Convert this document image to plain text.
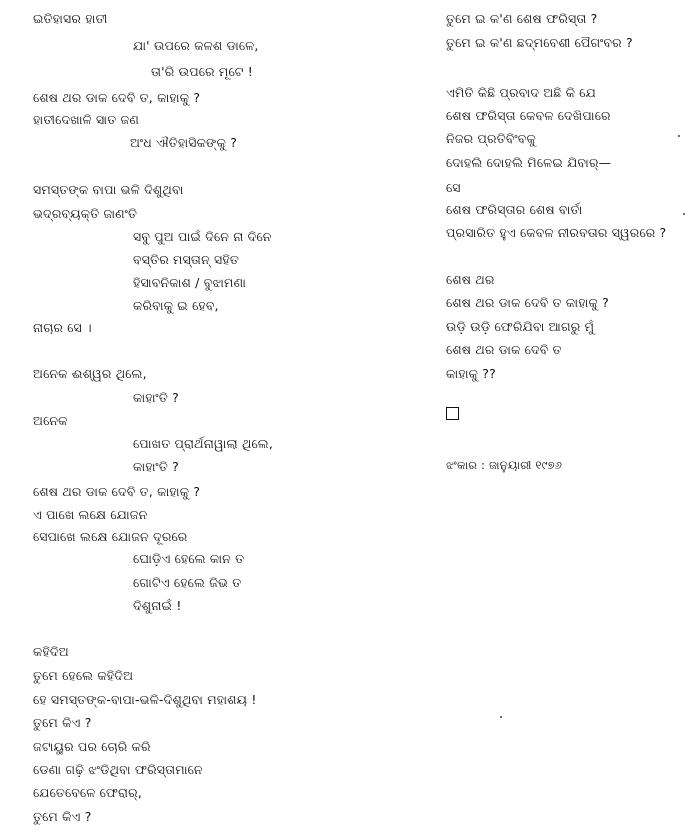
ଇତିହାସର ହାତୀ
ଯା' ଉପରେ କଳଶ ଡାଳେ,
ତା'ରି ଉପରେ ମୂଟେ !
ଶେଷ ଥର ଡାକ ଦେବି ତ, କାହାକୁ ?
ହାତୀଦେଖାଳି ସାତ ଜଣ
ଅଂଧ ଐତିହାସିକଙ୍କୁ ?
ସମସ୍ତଙ୍କ ବାପା ଭଳି ଦିଶୁଥିବା
ଭଦ୍ରବ୍ୟକ୍ତି ଜାଣଂତି
ସବୁ ପୁଅ ପାଇଁ ଦିନେ ନା ଦିନେ
ବସ୍ତିର ମସ୍ତାନ୍ ସହିତ
ହିସାବନିକାଶ / ବୁଝାମଣା
କରିବାକୁ ଇ ହେବ,
ନାଚାର ସେ ।
ଅନେକ ଈଶ୍ୱର ଥିଲେ,
କାହାଂତି ?
ଅନେକ
ପୋଖତ ପ୍ରାର୍ଥନାୱାଲା ଥିଲେ,
କାହାଂତି ?
ଶେଷ ଥର ଡାକ ଦେବି ତ, କାହାକୁ ?
ଏ ପାଖେ ଲକ୍ଷେ ଯୋଜନ
ସେପାଖେ ଲକ୍ଷେ ଯୋଜନ ଦୂରରେ
ଘୋଡ଼ିଏ ହେଲେ କାନ ତ
ଗୋଟିଏ ହେଲେ ଜିଭ ତ
ଦିଶୁନାଇଁ !
କହିଦିଅ
ତୁମେ ହେଲେ କହିଦିଅ
ହେ ସମସ୍ତଙ୍କ-ବାପା-ଭଳି-ଦିଶୁଥିବା ମହାଶୟ !
ତୁମେ କିଏ ?
ଜଟାୟୁର ପର ଚୋରି କରି
ଡେଣା ଗଢ଼ି ଝଂଡିଥିବା ଫରିସ୍ତାମାନେ
ଯେତେବେଳେ ଫେରାର୍,
ତୁମେ କିଏ ?
ତୁମେ ଇ କ'ଣ ଶେଷ ଫରିସ୍ତା ?
ତୁମେ ଇ କ'ଣ ଛଦ୍ମବେଶୀ ପୈଗଂବର ?
ଏମିତି କିଛି ପ୍ରବାଦ ଅଛି କି ଯେ
ଶେଷ ଫରିସ୍ତା କେବଳ ଦେଖିପାରେ
ନିଜର ପ୍ରତିବିଂବକୁ
ଦୋହଲି ଦୋହଲି ମିଳେଇ ଯିବାର୍—
ସେ
ଶେଷ ଫରିସ୍ତାର ଶେଷ ବାର୍ତା
ପ୍ରସାରିତ ହୁଏ କେବଳ ନୀରବତାର ସ୍ୱରରେ ?
ଶେଷ ଥର
ଶେଷ ଥର ଡାକ ଦେବି ତ କାହାକୁ ?
ଉଡ଼ି ଉଡ଼ି ଫେରିଯିବା ଆଗରୁ ମୁଁ
ଶେଷ ଥର ଡାକ ଦେବି ତ
କାହାକୁ ??
ଝଂକାର : ଜାନୁୟାରୀ ୧୯୭୬
